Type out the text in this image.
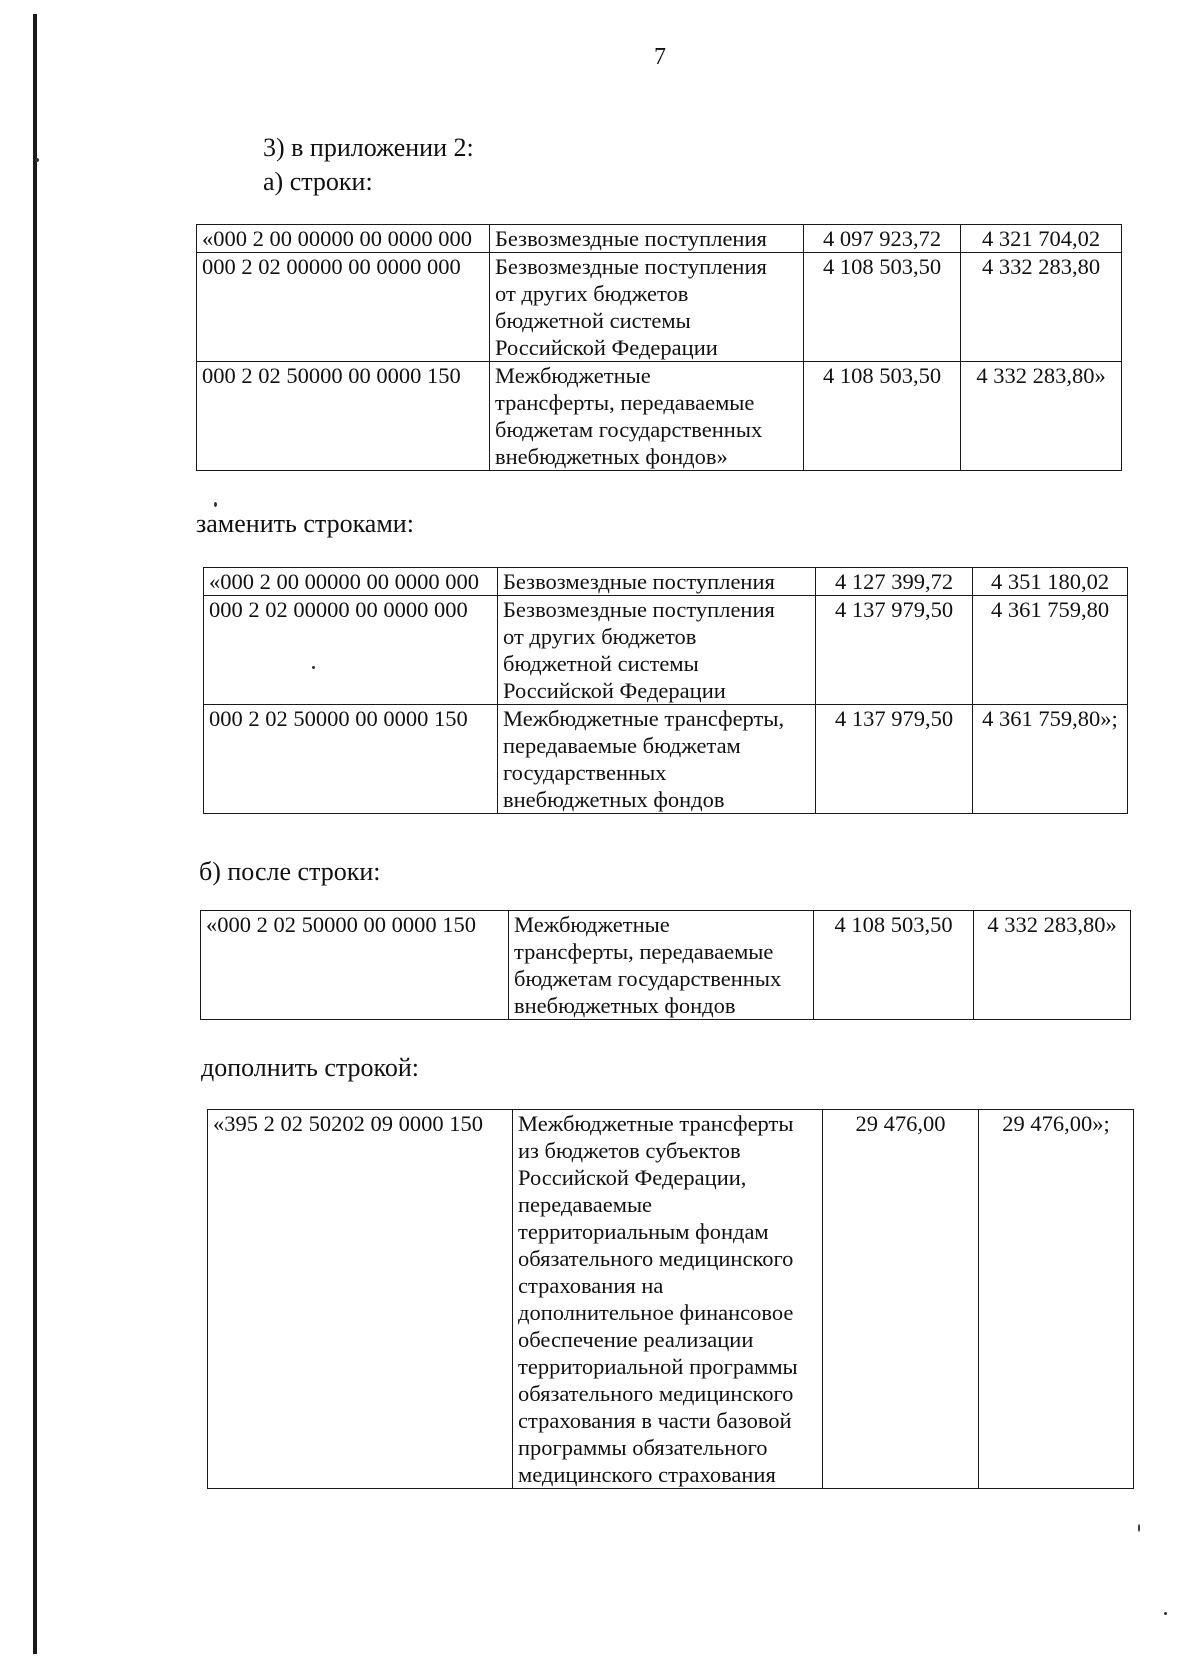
7
3) в приложении 2:
а) строки:
«000 2 00 00000 00 0000 000	Безвозмездные поступления	4 097 923,72	4 321 704,02
000 2 02 00000 00 0000 000	Безвозмездные поступления
от других бюджетов
бюджетной системы
Российской Федерации	4 108 503,50	4 332 283,80
000 2 02 50000 00 0000 150	Межбюджетные
трансферты, передаваемые
бюджетам государственных
внебюджетных фондов»	4 108 503,50	4 332 283,80»
заменить строками:
«000 2 00 00000 00 0000 000	Безвозмездные поступления	4 127 399,72	4 351 180,02
000 2 02 00000 00 0000 000	Безвозмездные поступления
от других бюджетов
бюджетной системы
Российской Федерации	4 137 979,50	4 361 759,80
000 2 02 50000 00 0000 150	Межбюджетные трансферты,
передаваемые бюджетам
государственных
внебюджетных фондов	4 137 979,50	4 361 759,80»;
б) после строки:
«000 2 02 50000 00 0000 150	Межбюджетные
трансферты, передаваемые
бюджетам государственных
внебюджетных фондов	4 108 503,50	4 332 283,80»
дополнить строкой:
«395 2 02 50202 09 0000 150	Межбюджетные трансферты
из бюджетов субъектов
Российской Федерации,
передаваемые
территориальным фондам
обязательного медицинского
страхования на
дополнительное финансовое
обеспечение реализации
территориальной программы
обязательного медицинского
страхования в части базовой
программы обязательного
медицинского страхования	29 476,00	29 476,00»;
